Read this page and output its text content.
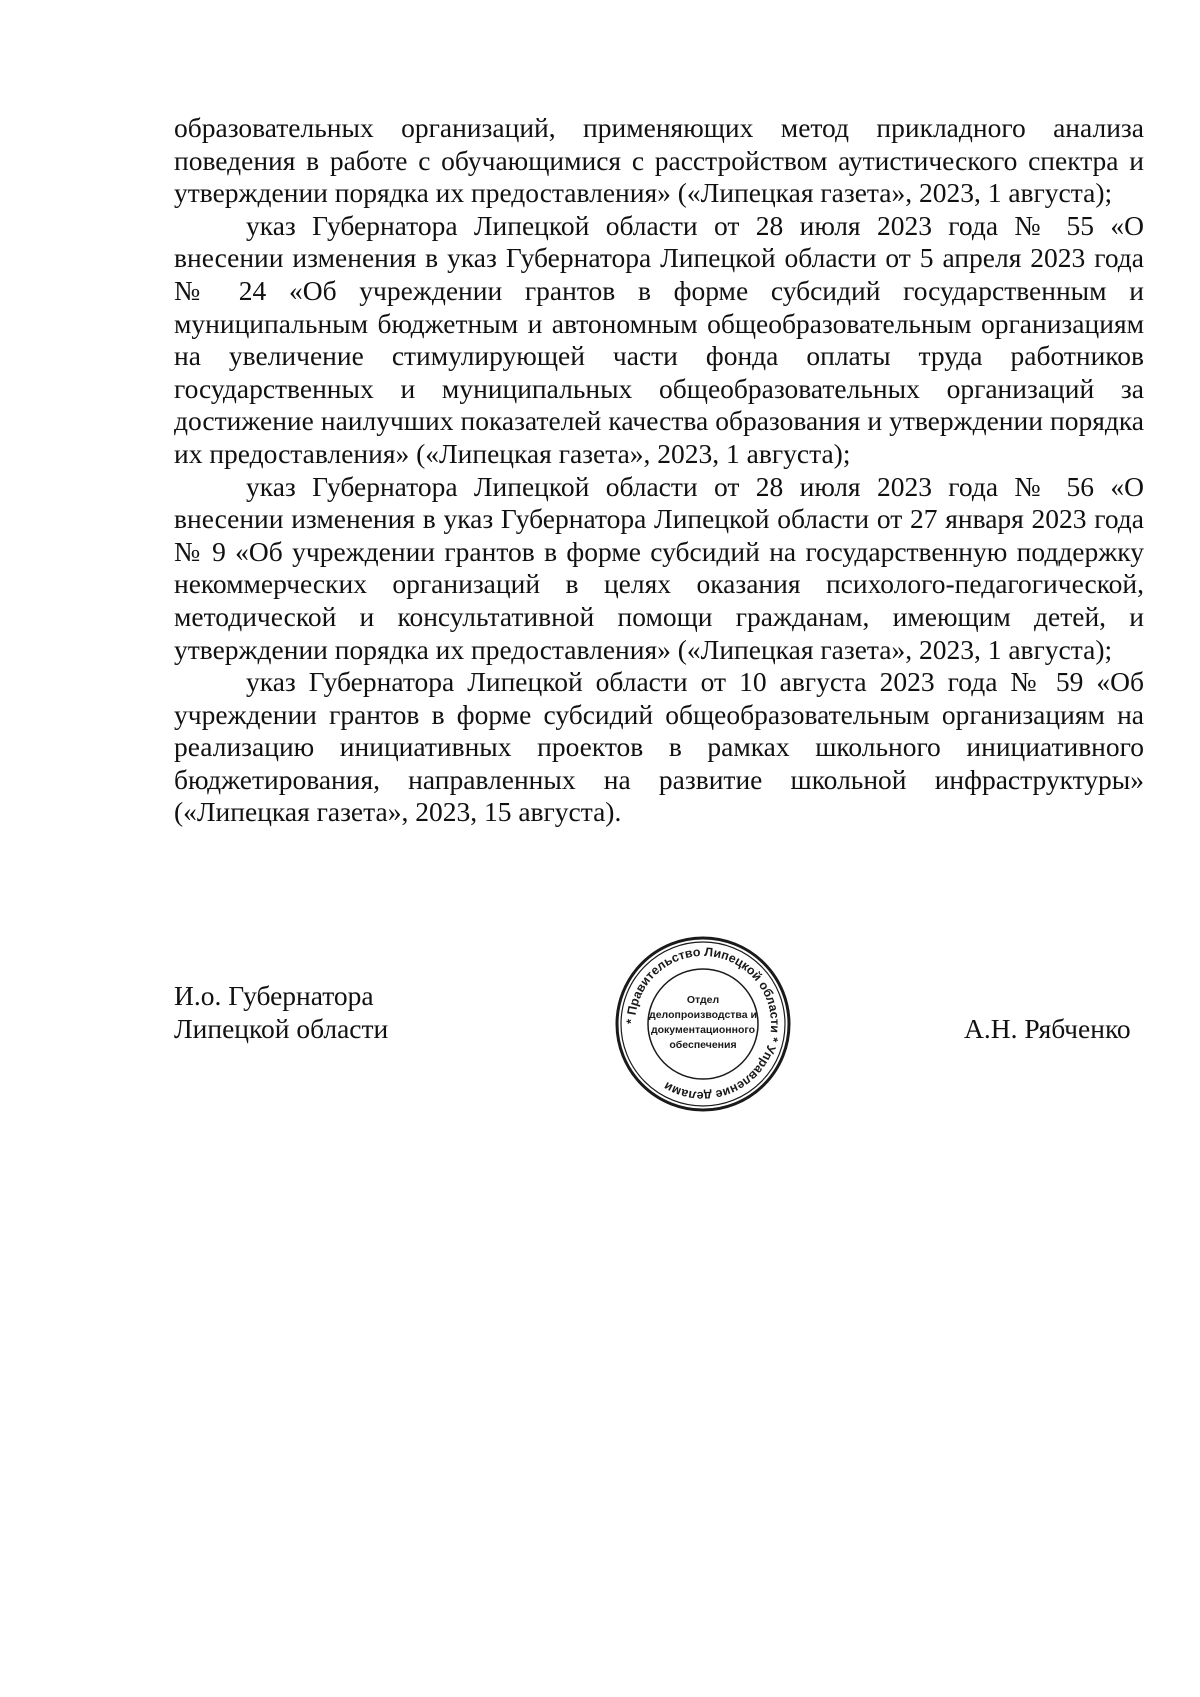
образовательных организаций, применяющих метод прикладного анализа поведения в работе с обучающимися с расстройством аутистического спектра и утверждении порядка их предоставления» («Липецкая газета», 2023, 1 августа);

указ Губернатора Липецкой области от 28 июля 2023 года № 55 «О внесении изменения в указ Губернатора Липецкой области от 5 апреля 2023 года № 24 «Об учреждении грантов в форме субсидий государственным и муниципальным бюджетным и автономным общеобразовательным организациям на увеличение стимулирующей части фонда оплаты труда работников государственных и муниципальных общеобразовательных организаций за достижение наилучших показателей качества образования и утверждении порядка их предоставления» («Липецкая газета», 2023, 1 августа);

указ Губернатора Липецкой области от 28 июля 2023 года № 56 «О внесении изменения в указ Губернатора Липецкой области от 27 января 2023 года № 9 «Об учреждении грантов в форме субсидий на государственную поддержку некоммерческих организаций в целях оказания психолого-педагогической, методической и консультативной помощи гражданам, имеющим детей, и утверждении порядка их предоставления» («Липецкая газета», 2023, 1 августа);

указ Губернатора Липецкой области от 10 августа 2023 года № 59 «Об учреждении грантов в форме субсидий общеобразовательным организациям на реализацию инициативных проектов в рамках школьного инициативного бюджетирования, направленных на развитие школьной инфраструктуры» («Липецкая газета», 2023, 15 августа).

И.о. Губернатора
Липецкой области	* Правительство Липецкой области * Управление делами
Отдел
делопроизводства и
документационного
обеспечения
А.Н. Рябченко
